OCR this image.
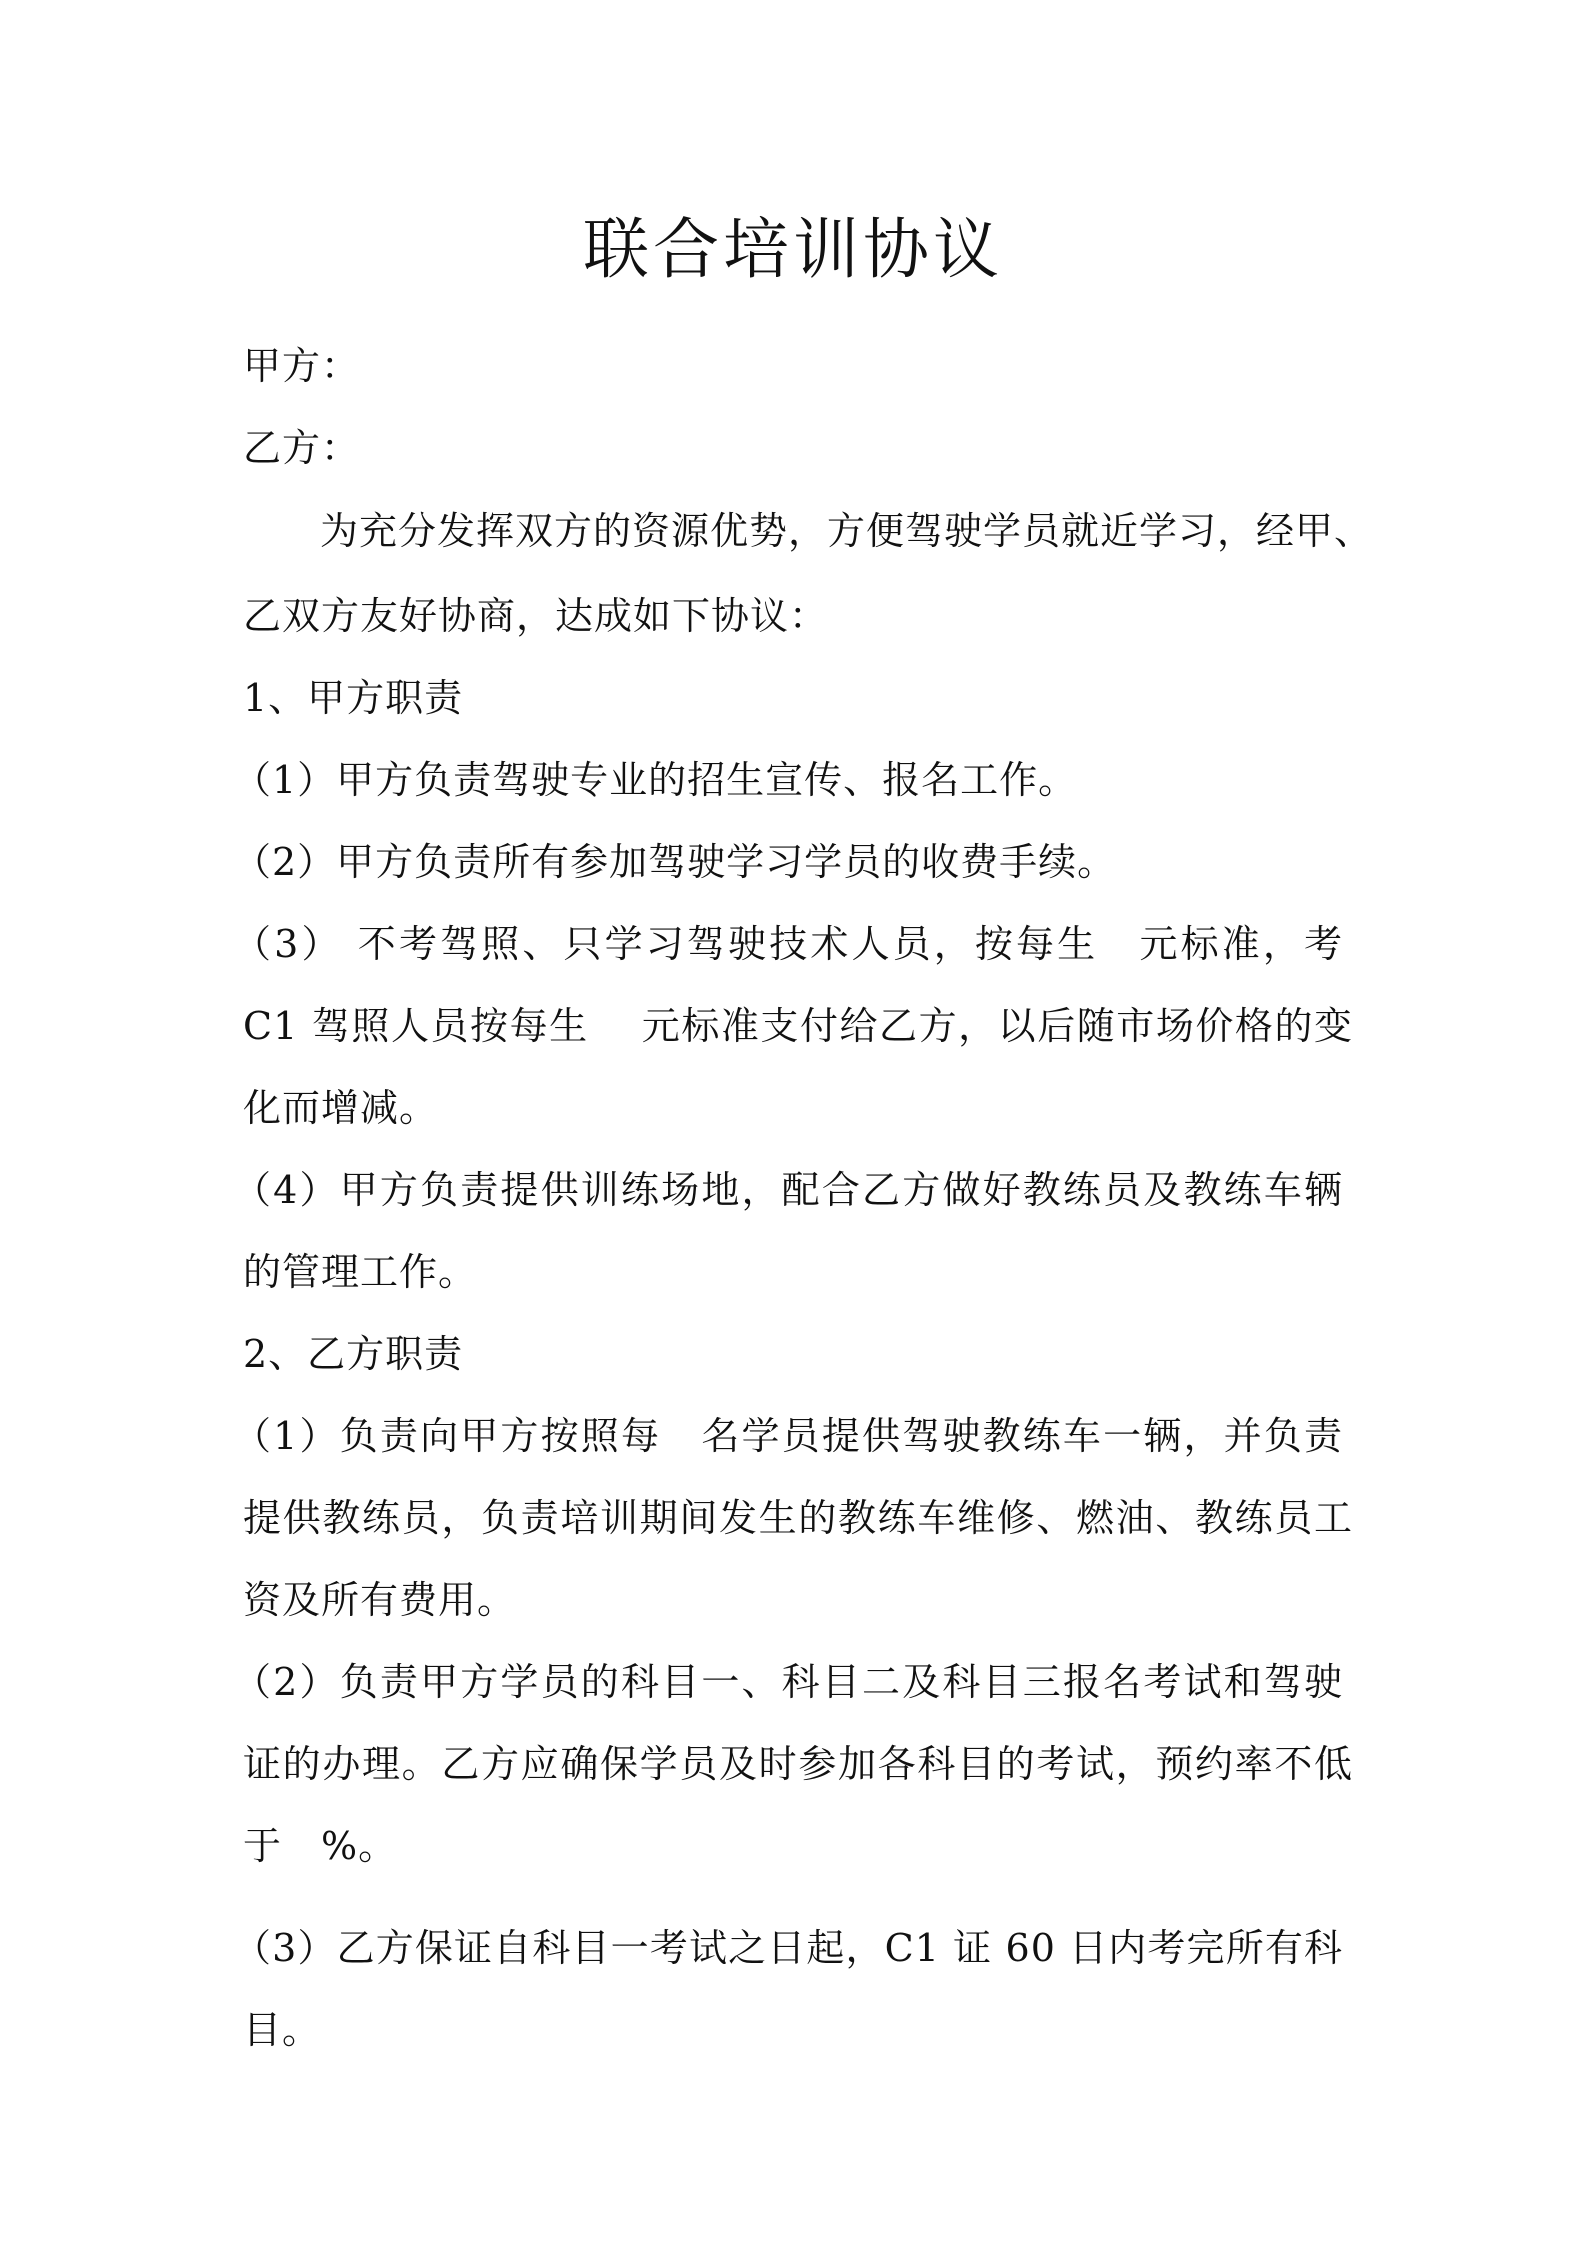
联合培训协议

甲方：

乙方：

为充分发挥双方的资源优势，方便驾驶学员就近学习，经甲、

乙双方友好协商，达成如下协议：

1、甲方职责

（1）甲方负责驾驶专业的招生宣传、报名工作。

（2）甲方负责所有参加驾驶学习学员的收费手续。

（3） 不考驾照、只学习驾驶技术人员，按每生　元标准，考

C1 驾照人员按每生　 元标准支付给乙方，以后随市场价格的变

化而增减。

（4）甲方负责提供训练场地，配合乙方做好教练员及教练车辆

的管理工作。

2、乙方职责

（1）负责向甲方按照每　名学员提供驾驶教练车一辆，并负责

提供教练员，负责培训期间发生的教练车维修、燃油、教练员工

资及所有费用。

（2）负责甲方学员的科目一、科目二及科目三报名考试和驾驶

证的办理。乙方应确保学员及时参加各科目的考试，预约率不低

于　%。

（3）乙方保证自科目一考试之日起，C1 证 60 日内考完所有科

目。
